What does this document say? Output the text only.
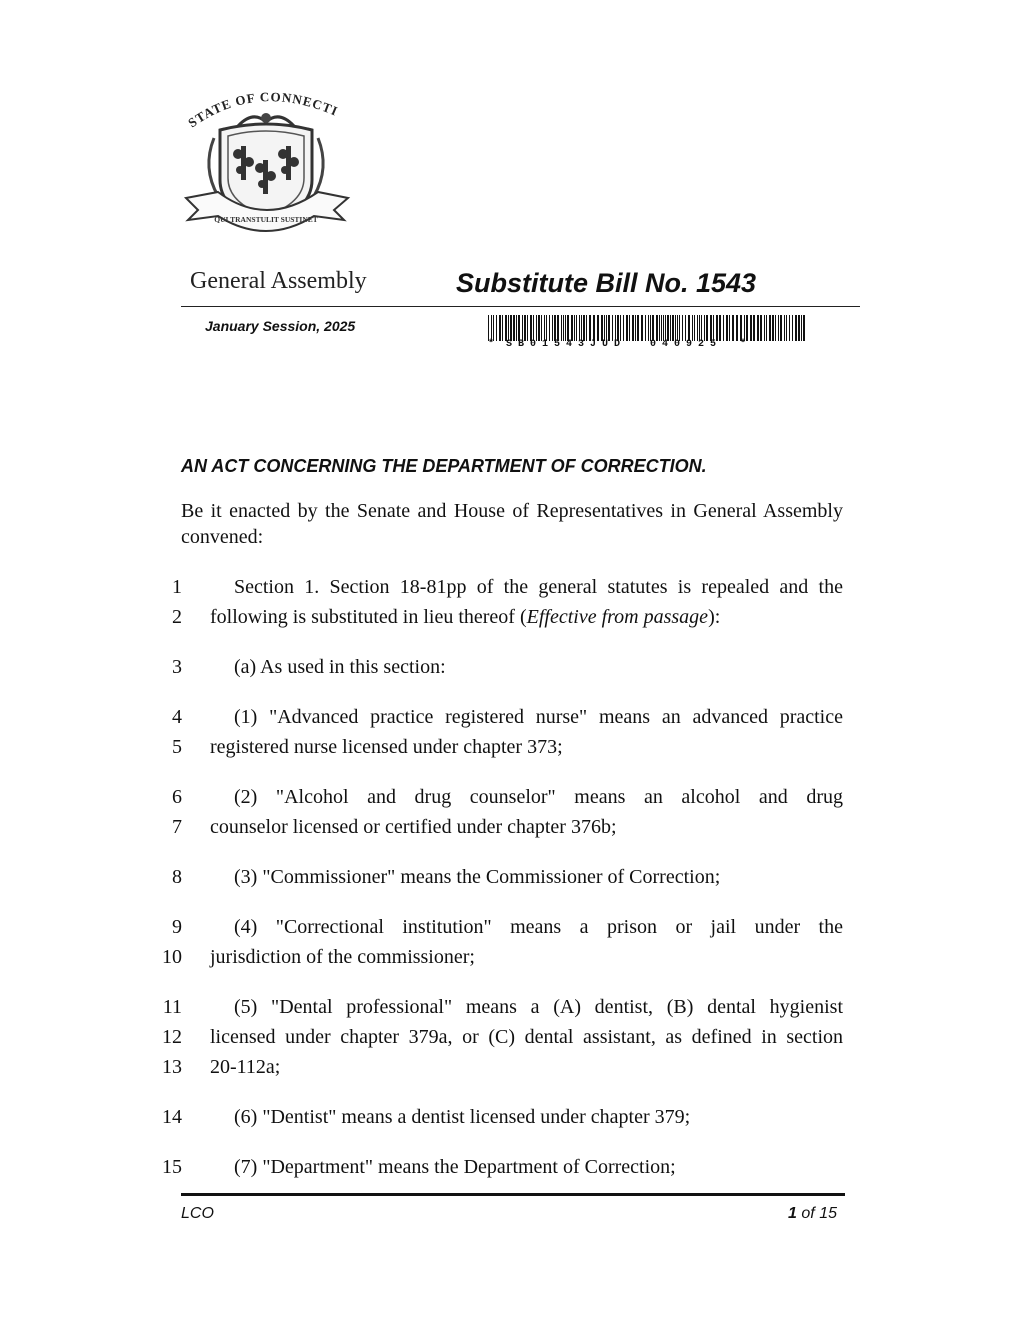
STATE OF CONNECTI
QUI TRANSTULIT SUSTINET
General Assembly	Substitute Bill No. 1543
January Session, 2025
*  S B 0 1 5 4 3 J U D     0 4 0 9 2 5    *
AN ACT CONCERNING THE DEPARTMENT OF CORRECTION.
Be it enacted by the Senate and House of Representatives in General Assembly convened:
1	Section 1. Section 18-81pp of the general statutes is repealed and the
2 following is substituted in lieu thereof (Effective from passage):
3	(a) As used in this section:
4	(1) "Advanced practice registered nurse" means an advanced practice
5 registered nurse licensed under chapter 373;
6	(2) "Alcohol and drug counselor" means an alcohol and drug
7 counselor licensed or certified under chapter 376b;
8	(3) "Commissioner" means the Commissioner of Correction;
9	(4) "Correctional institution" means a prison or jail under the
10 jurisdiction of the commissioner;
11	(5) "Dental professional" means a (A) dentist, (B) dental hygienist
12 licensed under chapter 379a, or (C) dental assistant, as defined in section
13 20-112a;
14	(6) "Dentist" means a dentist licensed under chapter 379;
15	(7) "Department" means the Department of Correction;
LCO	1 of 15
